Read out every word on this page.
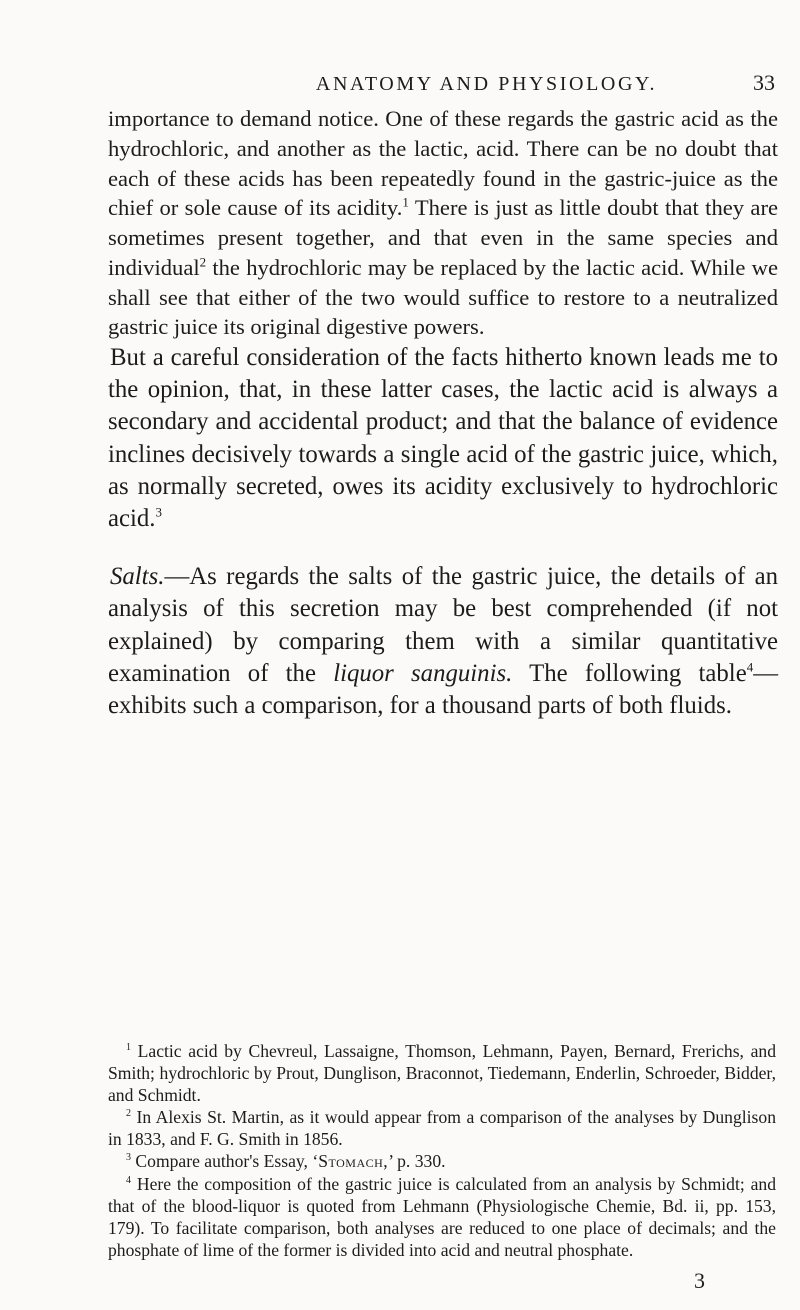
ANATOMY AND PHYSIOLOGY.	33

importance to demand notice. One of these regards the gastric acid as the hydrochloric, and another as the lactic, acid. There can be no doubt that each of these acids has been repeatedly found in the gastric-juice as the chief or sole cause of its acidity.$^1$ There is just as little doubt that they are sometimes present together, and that even in the same species and individual$^2$ the hydrochloric may be replaced by the lactic acid. While we shall see that either of the two would suffice to restore to a neutralized gastric juice its original digestive powers.

But a careful consideration of the facts hitherto known leads me to the opinion, that, in these latter cases, the lactic acid is always a secondary and accidental product; and that the balance of evidence inclines decisively towards a single acid of the gastric juice, which, as normally secreted, owes its acidity exclusively to hydrochloric acid.$^3$

Salts.—As regards the salts of the gastric juice, the details of an analysis of this secretion may be best comprehended (if not explained) by comparing them with a similar quantitative examination of the liquor sanguinis. The following table$^4$—exhibits such a comparison, for a thousand parts of both fluids.

$^1$ Lactic acid by Chevreul, Lassaigne, Thomson, Lehmann, Payen, Bernard, Frerichs, and Smith; hydrochloric by Prout, Dunglison, Braconnot, Tiedemann, Enderlin, Schroeder, Bidder, and Schmidt.

$^2$ In Alexis St. Martin, as it would appear from a comparison of the analyses by Dunglison in 1833, and F. G. Smith in 1856.

$^3$ Compare author's Essay, ‘Stomach,’ p. 330.

$^4$ Here the composition of the gastric juice is calculated from an analysis by Schmidt; and that of the blood-liquor is quoted from Lehmann (Physiologische Chemie, Bd. ii, pp. 153, 179). To facilitate comparison, both analyses are reduced to one place of decimals; and the phosphate of lime of the former is divided into acid and neutral phosphate.

3
